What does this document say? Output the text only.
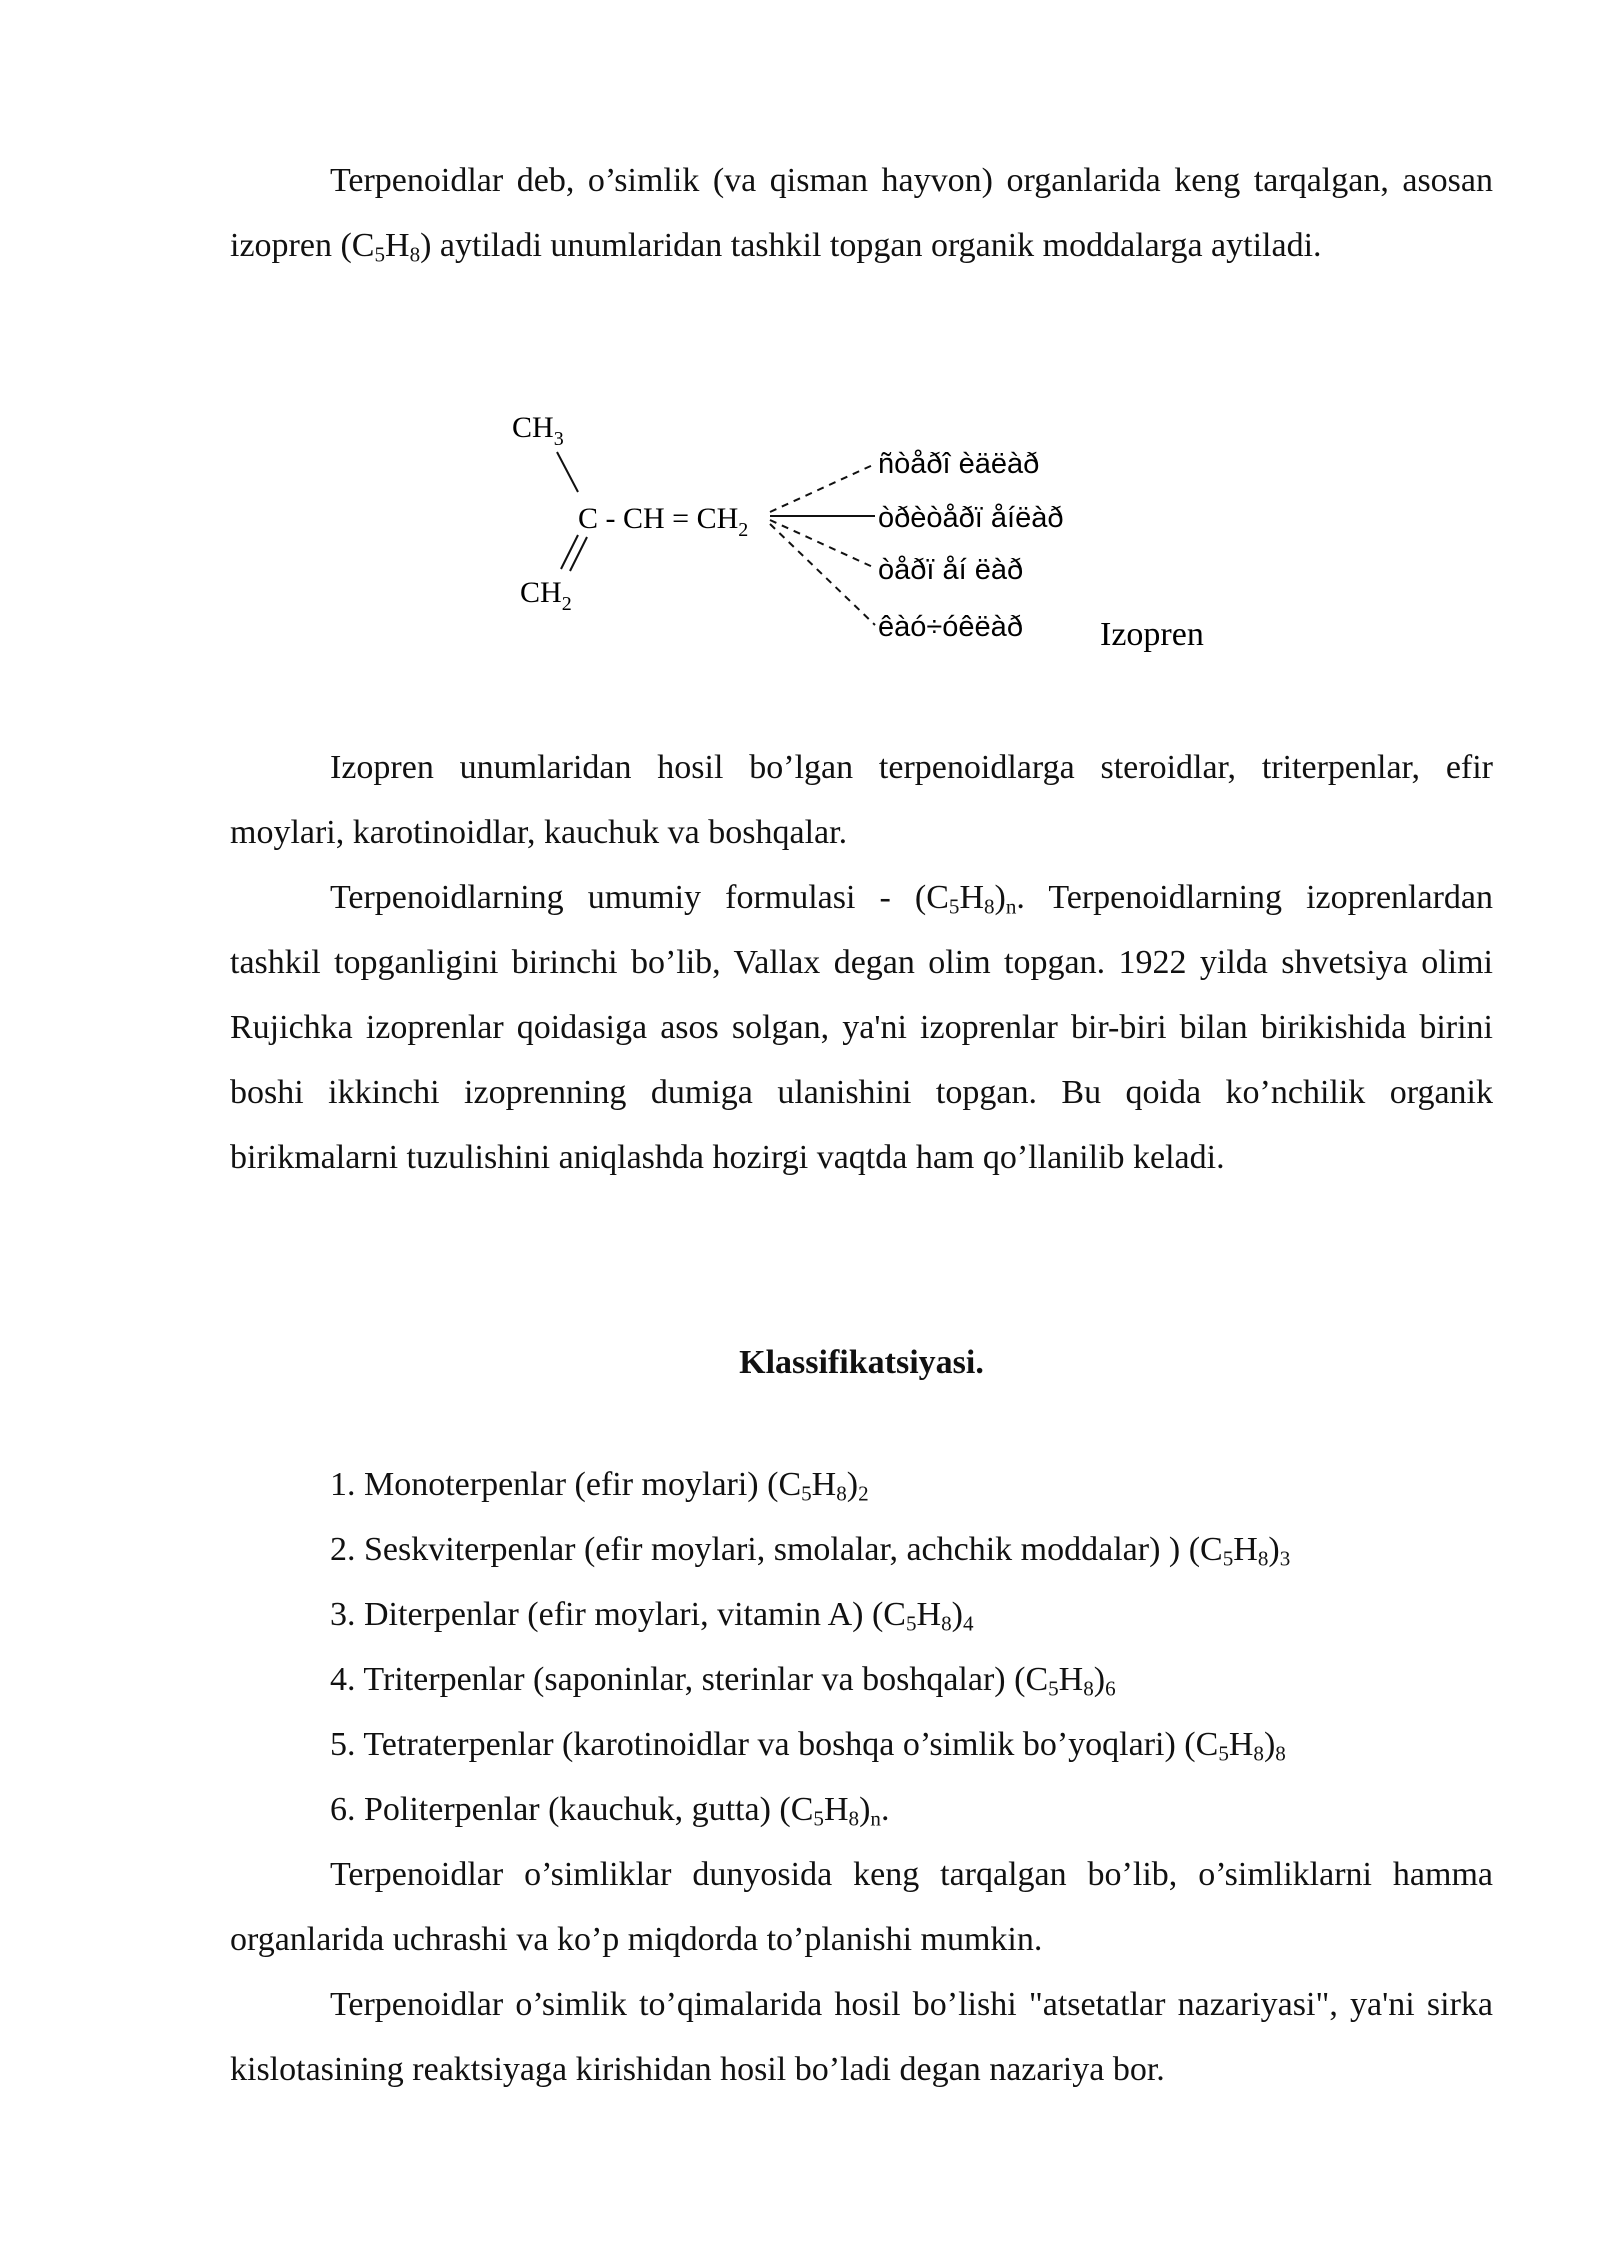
Terpenoidlar deb, o’simlik (va qisman hayvon) organlarida keng tarqalgan, asosan izopren $(C_5H_8)$ aytiladi unumlaridan tashkil topgan organik moddalarga aytiladi.

$CH_3$
C - CH = $CH_2$
$CH_2$
ñòåðî èäëàð
òðèòåðï åíëàð
òåðï åí ëàð
êàó÷óêëàð Izopren

Izopren unumlaridan hosil bo’lgan terpenoidlarga steroidlar, triterpenlar, efir moylari, karotinoidlar, kauchuk va boshqalar.

Terpenoidlarning umumiy formulasi - $(C_5H_8)_n$. Terpenoidlarning izoprenlardan tashkil topganligini birinchi bo’lib, Vallax degan olim topgan. 1922 yilda shvetsiya olimi Rujichka izoprenlar qoidasiga asos solgan, ya'ni izoprenlar bir-biri bilan birikishida birini boshi ikkinchi izoprenning dumiga ulanishini topgan. Bu qoida ko’nchilik organik birikmalarni tuzulishini aniqlashda hozirgi vaqtda ham qo’llanilib keladi.

Klassifikatsiyasi.

1. Monoterpenlar (efir moylari) $(C_5H_8)_2$
2. Seskviterpenlar (efir moylari, smolalar, achchik moddalar) ) $(C_5H_8)_3$
3. Diterpenlar (efir moylari, vitamin A) $(C_5H_8)_4$
4. Triterpenlar (saponinlar, sterinlar va boshqalar) $(C_5H_8)_6$
5. Tetraterpenlar (karotinoidlar va boshqa o’simlik bo’yoqlari) $(C_5H_8)_8$
6. Politerpenlar (kauchuk, gutta) $(C_5H_8)_n$.

Terpenoidlar o’simliklar dunyosida keng tarqalgan bo’lib, o’simliklarni hamma organlarida uchrashi va ko’p miqdorda to’planishi mumkin.

Terpenoidlar o’simlik to’qimalarida hosil bo’lishi "atsetatlar nazariyasi", ya'ni sirka kislotasining reaktsiyaga kirishidan hosil bo’ladi degan nazariya bor.
